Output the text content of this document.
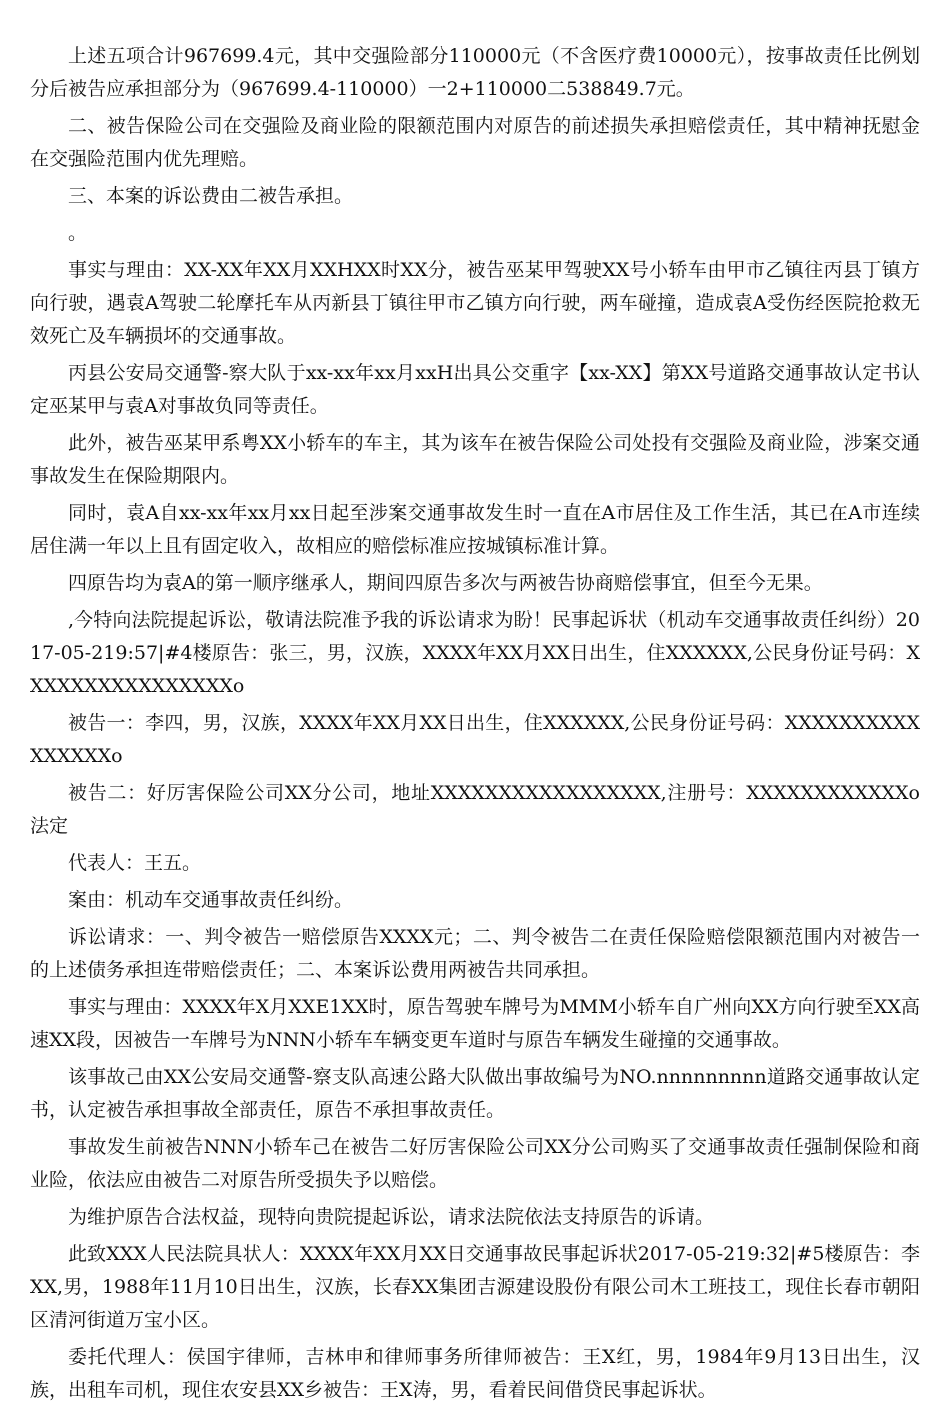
上述五项合计967699.4元，其中交强险部分110000元（不含医疗费10000元），按事故责任比例划分后被告应承担部分为（967699.4-110000）一2+110000二538849.7元。

二、被告保险公司在交强险及商业险的限额范围内对原告的前述损失承担赔偿责任，其中精神抚慰金在交强险范围内优先理赔。

三、本案的诉讼费由二被告承担。

。

事实与理由：XX-XX年XX月XXHXX时XX分，被告巫某甲驾驶XX号小轿车由甲市乙镇往丙县丁镇方向行驶，遇袁A驾驶二轮摩托车从丙新县丁镇往甲市乙镇方向行驶，两车碰撞，造成袁A受伤经医院抢救无效死亡及车辆损坏的交通事故。

丙县公安局交通警-察大队于xx-xx年xx月xxH出具公交重字【xx-XX】第XX号道路交通事故认定书认定巫某甲与袁A对事故负同等责任。

此外，被告巫某甲系粤XX小轿车的车主，其为该车在被告保险公司处投有交强险及商业险，涉案交通事故发生在保险期限内。

同时，袁A自xx-xx年xx月xx日起至涉案交通事故发生时一直在A市居住及工作生活，其已在A市连续居住满一年以上且有固定收入，故相应的赔偿标准应按城镇标准计算。

四原告均为袁A的第一顺序继承人，期间四原告多次与两被告协商赔偿事宜，但至今无果。

,今特向法院提起诉讼，敬请法院准予我的诉讼请求为盼！民事起诉状（机动车交通事故责任纠纷）2017-05-219:57|#4楼原告：张三，男，汉族，XXXX年XX月XX日出生，住XXXXXX,公民身份证号码：XXXXXXXXXXXXXXXXo

被告一：李四，男，汉族，XXXX年XX月XX日出生，住XXXXXX,公民身份证号码：XXXXXXXXXXXXXXXXo

被告二：好厉害保险公司XX分公司，地址XXXXXXXXXXXXXXXXX,注册号：XXXXXXXXXXXXo法定

代表人：王五。

案由：机动车交通事故责任纠纷。

诉讼请求：一、判令被告一赔偿原告XXXX元；二、判令被告二在责任保险赔偿限额范围内对被告一的上述债务承担连带赔偿责任；二、本案诉讼费用两被告共同承担。

事实与理由：XXXX年X月XXE1XX时，原告驾驶车牌号为MMM小轿车自广州向XX方向行驶至XX高速XX段，因被告一车牌号为NNN小轿车车辆变更车道时与原告车辆发生碰撞的交通事故。

该事故己由XX公安局交通警-察支队高速公路大队做出事故编号为NO.nnnnnnnnn道路交通事故认定书，认定被告承担事故全部责任，原告不承担事故责任。

事故发生前被告NNN小轿车己在被告二好厉害保险公司XX分公司购买了交通事故责任强制保险和商业险，依法应由被告二对原告所受损失予以赔偿。

为维护原告合法权益，现特向贵院提起诉讼，请求法院依法支持原告的诉请。

此致XXX人民法院具状人：XXXX年XX月XX日交通事故民事起诉状2017-05-219:32|#5楼原告：李XX,男，1988年11月10日出生，汉族，长春XX集团吉源建设股份有限公司木工班技工，现住长春市朝阳区清河街道万宝小区。

委托代理人：侯国宇律师，吉林申和律师事务所律师被告：王X红，男，1984年9月13日出生，汉族，出租车司机，现住农安县XX乡被告：王X涛，男，看着民间借贷民事起诉状。
